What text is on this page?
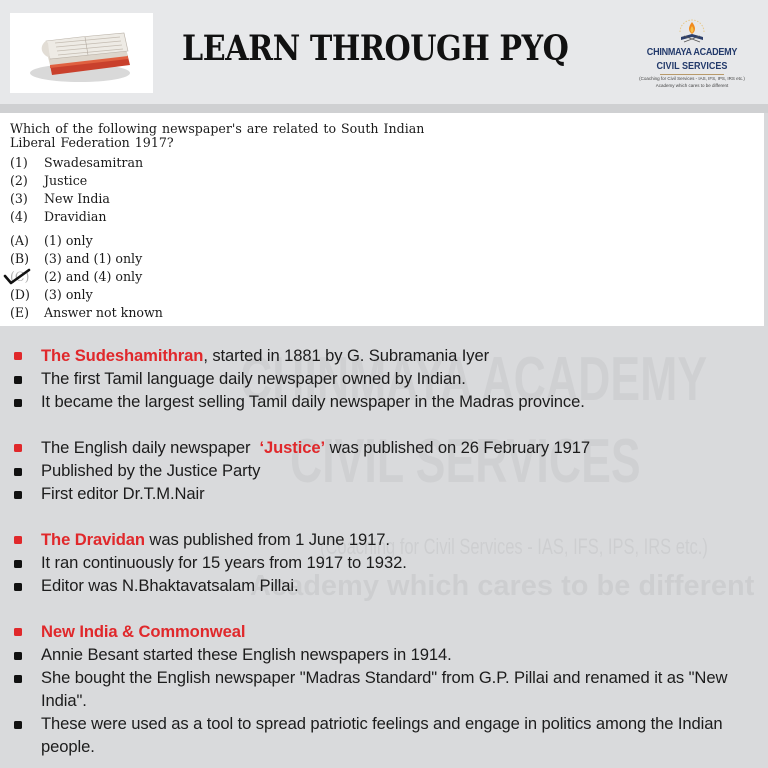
LEARN THROUGH PYQ	CHINMAYA ACADEMY
CIVIL SERVICES
(Coaching for Civil Services - IAS, IFS, IPS, IRS etc.)
Academy which cares to be different
Which of the following newspaper's are related to South Indian Liberal Federation 1917?
(1) Swadesamitran
(2) Justice
(3) New India
(4) Dravidian
(A) (1) only
(B) (3) and (1) only
(C) (2) and (4) only
(D) (3) only
(E) Answer not known
(Coaching for Civil Services - IAS, IFS, IPS, IRS etc.)
Academy which cares to be different
The Sudeshamithran, started in 1881 by G. Subramania Iyer
The first Tamil language daily newspaper owned by Indian.
It became the largest selling Tamil daily newspaper in the Madras province.
The English daily newspaper  ‘Justice’ was published on 26 February 1917
Published by the Justice Party
First editor Dr.T.M.Nair
The Dravidan was published from 1 June 1917.
It ran continuously for 15 years from 1917 to 1932.
Editor was N.Bhaktavatsalam Pillai.
New India & Commonweal
Annie Besant started these English newspapers in 1914.
She bought the English newspaper "Madras Standard" from G.P. Pillai and renamed it as "New India".
These were used as a tool to spread patriotic feelings and engage in politics among the Indian people.
